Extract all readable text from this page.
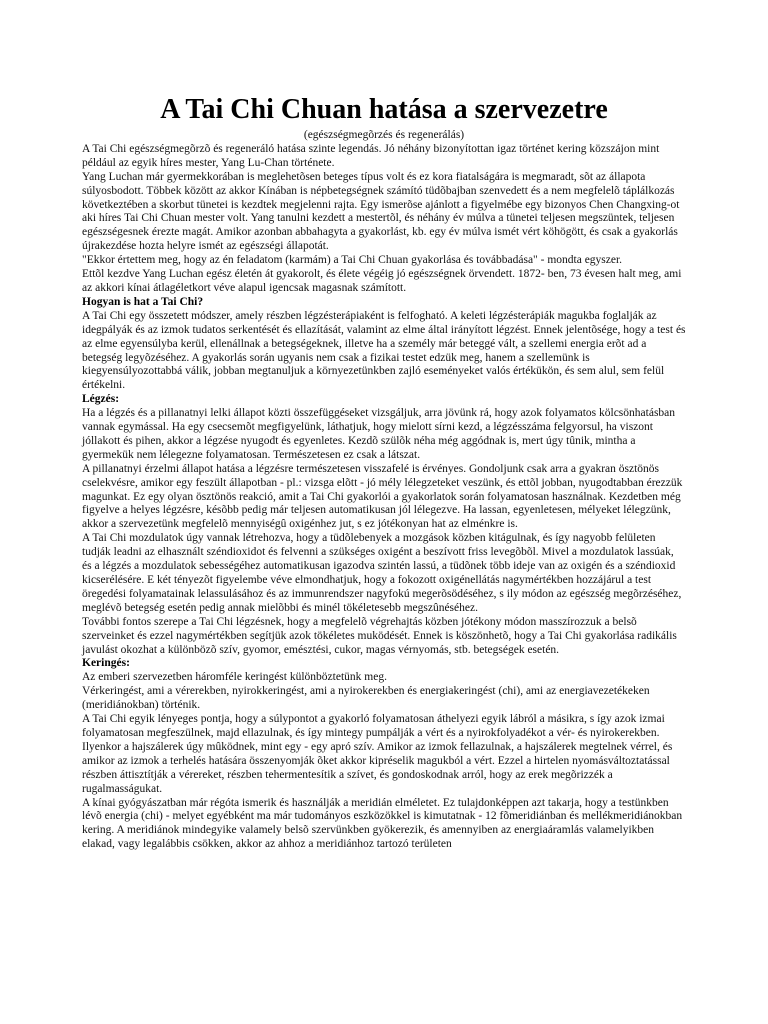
A Tai Chi Chuan hatása a szervezetre
(egészségmegõrzés és regenerálás)

A Tai Chi egészségmegõrzõ és regeneráló hatása szinte legendás. Jó néhány bizonyítottan igaz történet kering közszájon mint például az egyik híres mester, Yang Lu-Chan története.

Yang Luchan már gyermekkorában is meglehetõsen beteges típus volt és ez kora fiatalságára is megmaradt, sõt az állapota súlyosbodott. Többek között az akkor Kínában is népbetegségnek számító tüdõbajban szenvedett és a nem megfelelõ táplálkozás következtében a skorbut tünetei is kezdtek megjelenni rajta. Egy ismerõse ajánlott a figyelmébe egy bizonyos Chen Changxing-ot aki híres Tai Chi Chuan mester volt. Yang tanulni kezdett a mestertõl, és néhány év múlva a tünetei teljesen megszüntek, teljesen egészségesnek érezte magát. Amikor azonban abbahagyta a gyakorlást, kb. egy év múlva ismét vért köhögött, és csak a gyakorlás újrakezdése hozta helyre ismét az egészségi állapotát.

"Ekkor értettem meg, hogy az én feladatom (karmám) a Tai Chi Chuan gyakorlása és továbbadása" - mondta egyszer.

Ettõl kezdve Yang Luchan egész életén át gyakorolt, és élete végéig jó egészségnek örvendett. 1872- ben, 73 évesen halt meg, ami az akkori kínai átlagéletkort véve alapul igencsak magasnak számított.

Hogyan is hat a Tai Chi?

A Tai Chi egy összetett módszer, amely részben légzésterápiaként is felfogható. A keleti légzésterápiák magukba foglalják az idegpályák és az izmok tudatos serkentését és ellazítását, valamint az elme által irányított légzést. Ennek jelentõsége, hogy a test és az elme egyensúlyba kerül, ellenállnak a betegségeknek, illetve ha a személy már beteggé vált, a szellemi energia erõt ad a betegség legyõzéséhez. A gyakorlás során ugyanis nem csak a fizikai testet edzük meg, hanem a szellemünk is kiegyensúlyozottabbá válik, jobban megtanuljuk a környezetünkben zajló eseményeket valós értékükön, és sem alul, sem felül értékelni.

Légzés:

Ha a légzés és a pillanatnyi lelki állapot közti összefüggéseket vizsgáljuk, arra jövünk rá, hogy azok folyamatos kölcsönhatásban vannak egymással. Ha egy csecsemõt megfigyelünk, láthatjuk, hogy mielott sírni kezd, a légzésszáma felgyorsul, ha viszont jóllakott és pihen, akkor a légzése nyugodt és egyenletes. Kezdõ szülõk néha még aggódnak is, mert úgy tûnik, mintha a gyermekük nem lélegezne folyamatosan. Természetesen ez csak a látszat.

A pillanatnyi érzelmi állapot hatása a légzésre természetesen visszafelé is érvényes. Gondoljunk csak arra a gyakran ösztönös cselekvésre, amikor egy feszült állapotban - pl.: vizsga elõtt - jó mély lélegzeteket veszünk, és ettõl jobban, nyugodtabban érezzük magunkat. Ez egy olyan ösztönös reakció, amit a Tai Chi gyakorlói a gyakorlatok során folyamatosan használnak. Kezdetben még figyelve a helyes légzésre, késõbb pedig már teljesen automatikusan jól lélegezve. Ha lassan, egyenletesen, mélyeket lélegzünk, akkor a szervezetünk megfelelõ mennyiségû oxigénhez jut, s ez jótékonyan hat az elménkre is.

A Tai Chi mozdulatok úgy vannak létrehozva, hogy a tüdõlebenyek a mozgások közben kitágulnak, és így nagyobb felületen tudják leadni az elhasznált széndioxidot és felvenni a szükséges oxigént a beszívott friss levegõbõl. Mivel a mozdulatok lassúak, és a légzés a mozdulatok sebességéhez automatikusan igazodva szintén lassú, a tüdõnek több ideje van az oxigén és a széndioxid kicserélésére. E két tényezõt figyelembe véve elmondhatjuk, hogy a fokozott oxigénellátás nagymértékben hozzájárul a test öregedési folyamatainak lelassulásához és az immunrendszer nagyfokú megerõsödéséhez, s ily módon az egészség megõrzéséhez, meglévõ betegség esetén pedig annak mielõbbi és minél tökéletesebb megszûnéséhez.

További fontos szerepe a Tai Chi légzésnek, hogy a megfelelõ végrehajtás közben jótékony módon masszírozzuk a belsõ szerveinket és ezzel nagymértékben segítjük azok tökéletes muködését. Ennek is köszönhetõ, hogy a Tai Chi gyakorlása radikális javulást okozhat a különbözõ szív, gyomor, emésztési, cukor, magas vérnyomás, stb. betegségek esetén.

Keringés:

Az emberi szervezetben háromféle keringést különböztetünk meg.

Vérkeringést, ami a vérerekben, nyirokkeringést, ami a nyirokerekben és energiakeringést (chi), ami az energiavezetékeken (meridiánokban) történik.

A Tai Chi egyik lényeges pontja, hogy a súlypontot a gyakorló folyamatosan áthelyezi egyik lábról a másikra, s így azok izmai folyamatosan megfeszülnek, majd ellazulnak, és így mintegy pumpálják a vért és a nyirokfolyadékot a vér- és nyirokerekben. Ilyenkor a hajszálerek úgy mûködnek, mint egy - egy apró szív. Amikor az izmok fellazulnak, a hajszálerek megtelnek vérrel, és amikor az izmok a terhelés hatására összenyomják õket akkor kipréselik magukból a vért. Ezzel a hirtelen nyomásváltoztatással részben áttisztítják a vérereket, részben tehermentesítik a szívet, és gondoskodnak arról, hogy az erek megõrizzék a rugalmasságukat.

A kínai gyógyászatban már régóta ismerik és használják a meridián elméletet. Ez tulajdonképpen azt takarja, hogy a testünkben lévõ energia (chi) - melyet egyébként ma már tudományos eszközökkel is kimutatnak - 12 fõmeridiánban és mellékmeridiánokban kering. A meridiánok mindegyike valamely belsõ szervünkben gyökerezik, és amennyiben az energiaáramlás valamelyikben elakad, vagy legalábbis csökken, akkor az ahhoz a meridiánhoz tartozó területen
